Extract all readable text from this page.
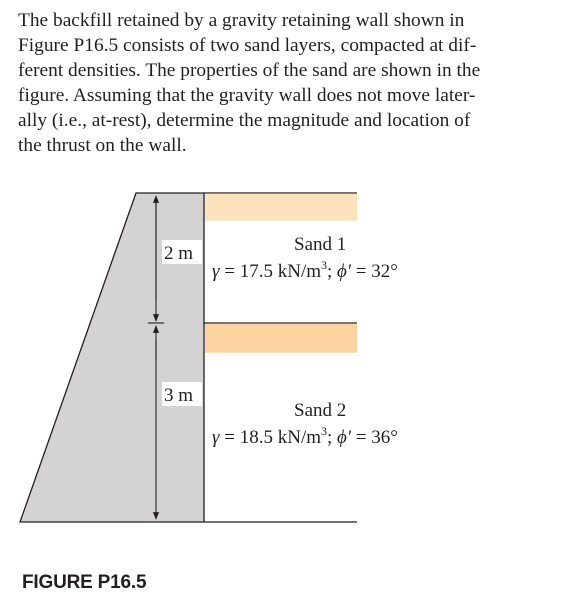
The backfill retained by a gravity retaining wall shown in
Figure P16.5 consists of two sand layers, compacted at dif-
ferent densities. The properties of the sand are shown in the
figure. Assuming that the gravity wall does not move later-
ally (i.e., at-rest), determine the magnitude and location of
the thrust on the wall.

2 m
3 m
Sand 1
γ = 17.5 $kN/m^3$; ϕ′ = 32°
Sand 2
γ = 18.5 $kN/m^3$; ϕ′ = 36°
FIGURE P16.5
